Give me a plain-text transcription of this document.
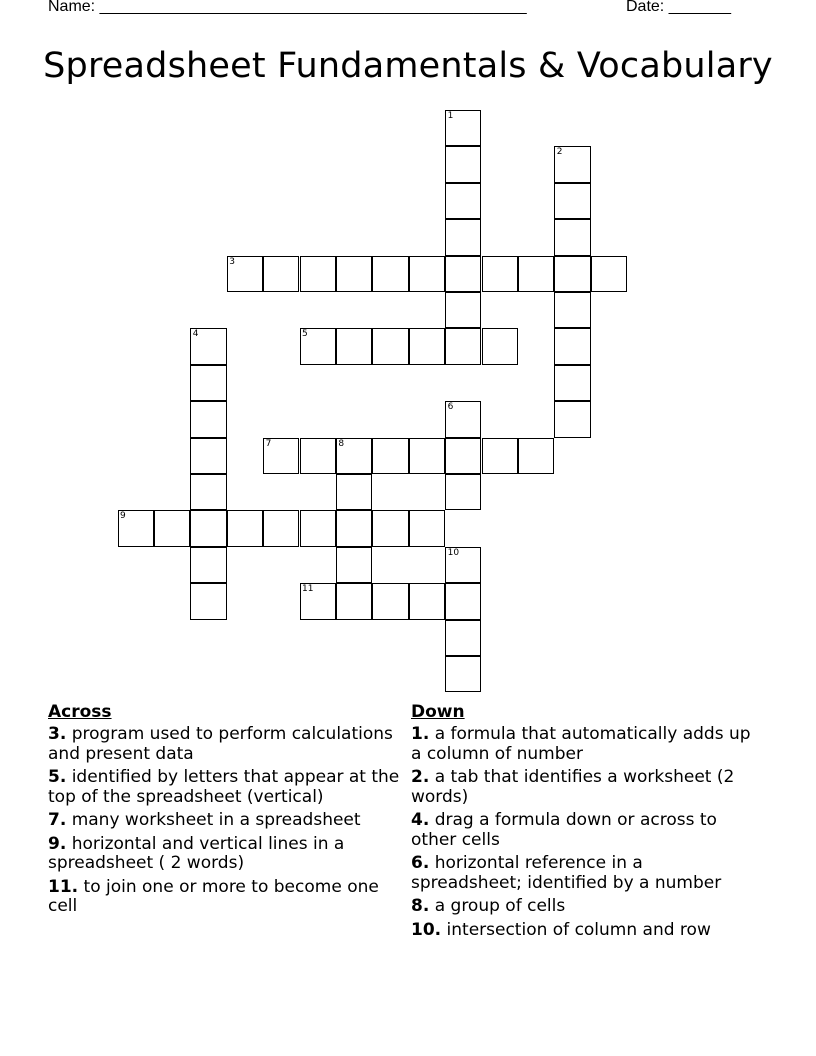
Name: ________________________________________________	Date: _______
Spreadsheet Fundamentals & Vocabulary
1
2
3
4	5
6
7	8
9
10
11
Across
3. program used to perform calculations and present data
5. identified by letters that appear at the top of the spreadsheet (vertical)
7. many worksheet in a spreadsheet
9. horizontal and vertical lines in a spreadsheet ( 2 words)
11. to join one or more to become one cell
Down
1. a formula that automatically adds up a column of number
2. a tab that identifies a worksheet (2 words)
4. drag a formula down or across to other cells
6. horizontal reference in a spreadsheet; identified by a number
8. a group of cells
10. intersection of column and row
